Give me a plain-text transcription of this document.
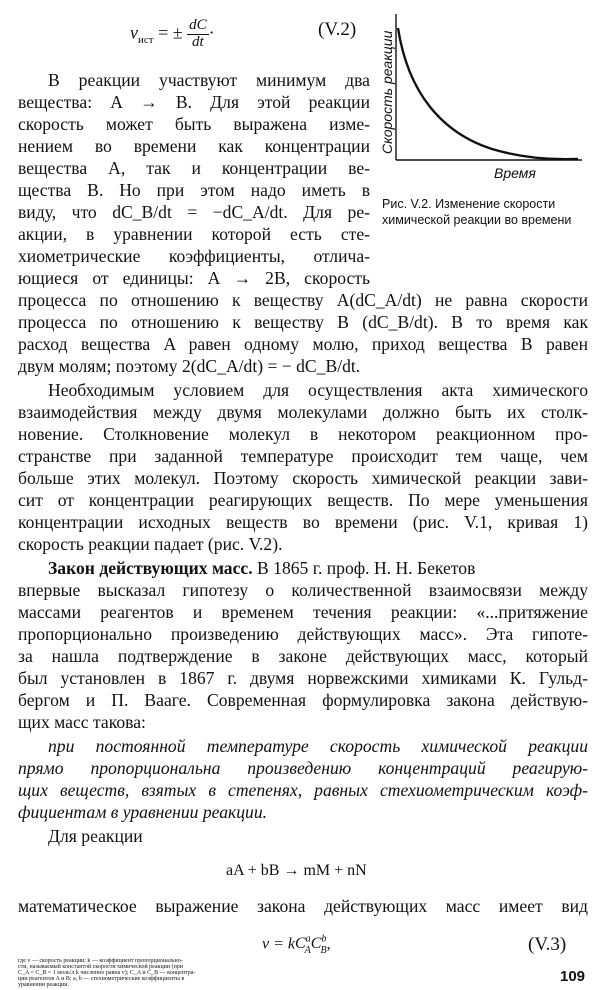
$v_{ист}$ = ± $\frac{dC}{dt}$ ·	(V.2)
Скорость реакции
Время
Рис. V.2. Изменение скорости
химической реакции во времени
В реакции участвуют минимум два
вещества: A → B. Для этой реакции
скорость может быть выражена изме-
нением во времени как концентрации
вещества A, так и концентрации ве-
щества B. Но при этом надо иметь в
виду, что dC_B/dt = −dC_A/dt. Для ре-
акции, в уравнении которой есть сте-
хиометрические коэффициенты, отлича-
ющиеся от единицы: A → 2B, скорость
процесса по отношению к веществу A(dC_A/dt) не равна скорости
процесса по отношению к веществу B (dC_B/dt). В то время как
расход вещества A равен одному молю, приход вещества B равен
двум молям; поэтому 2(dC_A/dt) = − dC_B/dt.
Необходимым условием для осуществления акта химического
взаимодействия между двумя молекулами должно быть их столк-
новение. Столкновение молекул в некотором реакционном про-
странстве при заданной температуре происходит тем чаще, чем
больше этих молекул. Поэтому скорость химической реакции зави-
сит от концентрации реагирующих веществ. По мере уменьшения
концентрации исходных веществ во времени (рис. V.1, кривая 1)
скорость реакции падает (рис. V.2).
Закон действующих масс. В 1865 г. проф. Н. Н. Бекетов
впервые высказал гипотезу о количественной взаимосвязи между
массами реагентов и временем течения реакции: «...притяжение
пропорционально произведению действующих масс». Эта гипоте-
за нашла подтверждение в законе действующих масс, который
был установлен в 1867 г. двумя норвежскими химиками К. Гульд-
бергом и П. Вааге. Современная формулировка закона действую-
щих масс такова:
при постоянной температуре скорость химической реакции
прямо пропорциональна произведению концентраций реагирую-
щих веществ, взятых в степенях, равных стехиометрическим коэф-
фициентам в уравнении реакции.
Для реакции
aA + bB → mM + nN
математическое выражение закона действующих масс имеет вид
$v = kC^a_AC^b_B$,	(V.3)
109
где v — скорость реакции; k — коэффициент пропорционально-
сти, называемый константой скорости химической реакции (при
C_A = C_B = 1 моль/л k численно равна v); C_A и C_B — концентра-
ции реагентов A и B; a, b — стехиометрические коэффициенты в
уравнении реакции.
